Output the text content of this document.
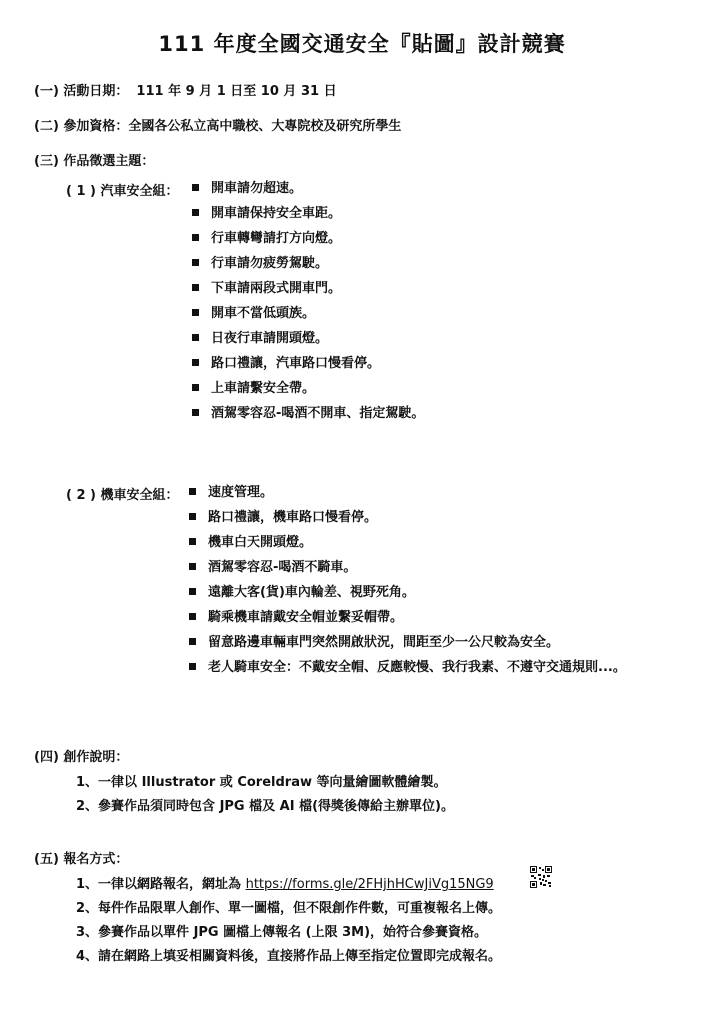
111 年度全國交通安全『貼圖』設計競賽
(一) 活動日期： 111 年 9 月 1 日至 10 月 31 日
(二) 參加資格：全國各公私立高中職校、大專院校及研究所學生
(三) 作品徵選主題：
( 1 ) 汽車安全組：	開車請勿超速。
開車請保持安全車距。
行車轉彎請打方向燈。
行車請勿疲勞駕駛。
下車請兩段式開車門。
開車不當低頭族。
日夜行車請開頭燈。
路口禮讓，汽車路口慢看停。
上車請繫安全帶。
酒駕零容忍-喝酒不開車、指定駕駛。
( 2 ) 機車安全組：	速度管理。
路口禮讓，機車路口慢看停。
機車白天開頭燈。
酒駕零容忍-喝酒不騎車。
遠離大客(貨)車內輪差、視野死角。
騎乘機車請戴安全帽並繫妥帽帶。
留意路邊車輛車門突然開啟狀況，間距至少一公尺較為安全。
老人騎車安全：不戴安全帽、反應較慢、我行我素、不遵守交通規則...。
(四) 創作說明：
1、一律以 Illustrator 或 Coreldraw 等向量繪圖軟體繪製。
2、參賽作品須同時包含 JPG 檔及 AI 檔(得獎後傳給主辦單位)。
(五) 報名方式：
1、一律以網路報名，網址為 https://forms.gle/2FHjhHCwJiVg15NG9
2、每件作品限單人創作、單一圖檔，但不限創作件數，可重複報名上傳。
3、參賽作品以單件 JPG 圖檔上傳報名 (上限 3M)，始符合參賽資格。
4、請在網路上填妥相關資料後，直接將作品上傳至指定位置即完成報名。
